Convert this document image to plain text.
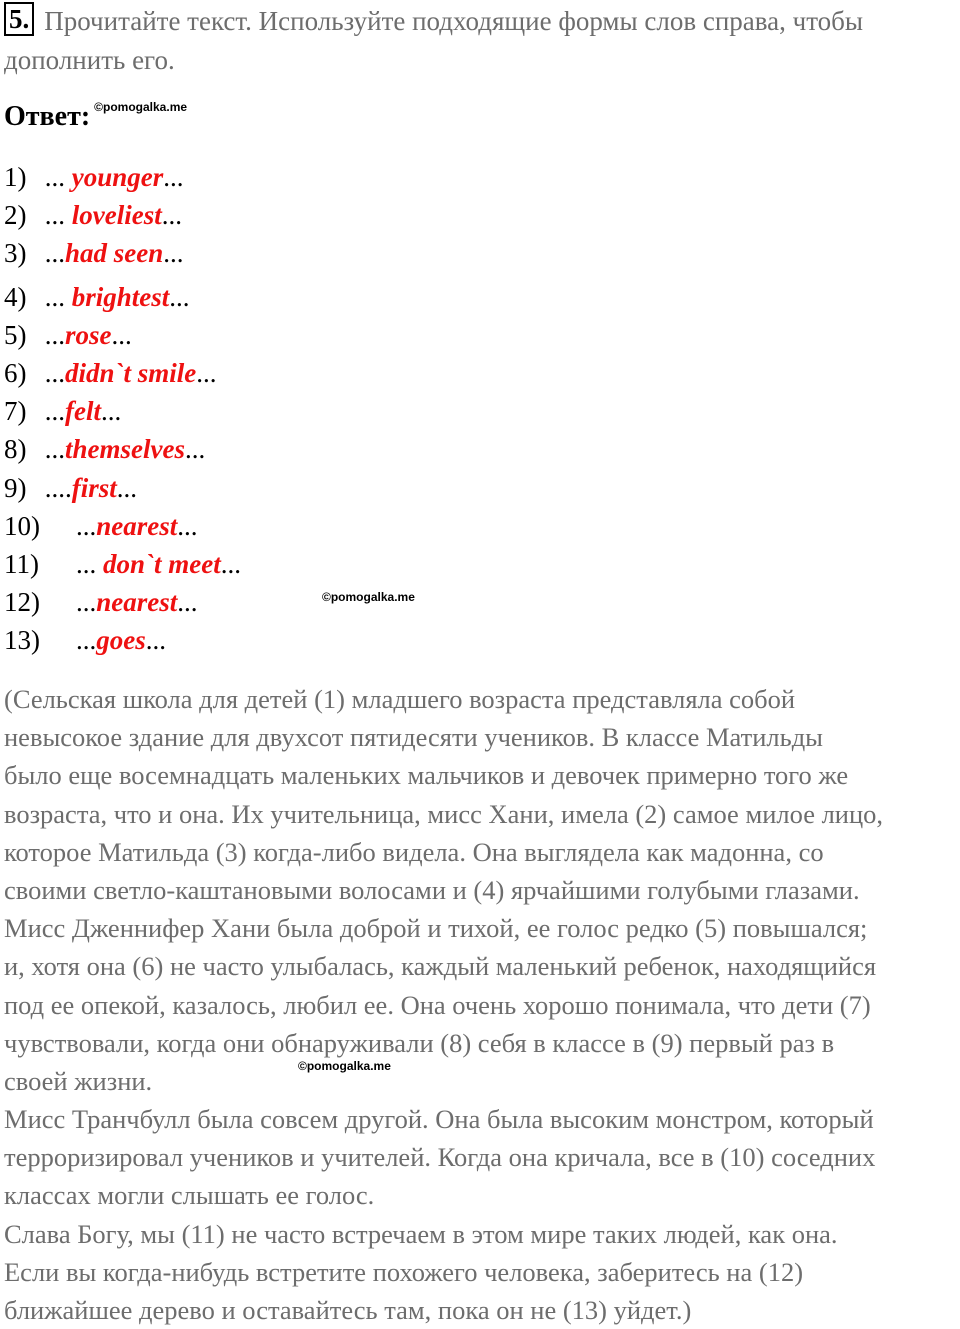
5. Прочитайте текст. Используйте подходящие формы слов справа, чтобы
дополнить его.
Ответ: $^{©pomogalka.me}$
1) ... younger...
2) ... loveliest...
3) ...had seen...
4) ... brightest...
5) ...rose...
6) ...didn`t smile...
7) ...felt...
8) ...themselves...
9) ....first...
10) ...nearest...
11) ... don`t meet...
12) ...nearest...
13) ...goes...
©pomogalka.me
(Сельская школа для детей (1) младшего возраста представляла собой
невысокое здание для двухсот пятидесяти учеников. В классе Матильды
было еще восемнадцать маленьких мальчиков и девочек примерно того же
возраста, что и она. Их учительница, мисс Хани, имела (2) самое милое лицо,
которое Матильда (3) когда-либо видела. Она выглядела как мадонна, со
своими светло-каштановыми волосами и (4) ярчайшими голубыми глазами.
Мисс Дженнифер Хани была доброй и тихой, ее голос редко (5) повышался;
и, хотя она (6) не часто улыбалась, каждый маленький ребенок, находящийся
под ее опекой, казалось, любил ее. Она очень хорошо понимала, что дети (7)
чувствовали, когда они обнаруживали (8) себя в классе в (9) первый раз в
своей жизни.
Мисс Транчбулл была совсем другой. Она была высоким монстром, который
терроризировал учеников и учителей. Когда она кричала, все в (10) соседних
классах могли слышать ее голос.
Слава Богу, мы (11) не часто встречаем в этом мире таких людей, как она.
Если вы когда-нибудь встретите похожего человека, заберитесь на (12)
ближайшее дерево и оставайтесь там, пока он не (13) уйдет.)
©pomogalka.me
